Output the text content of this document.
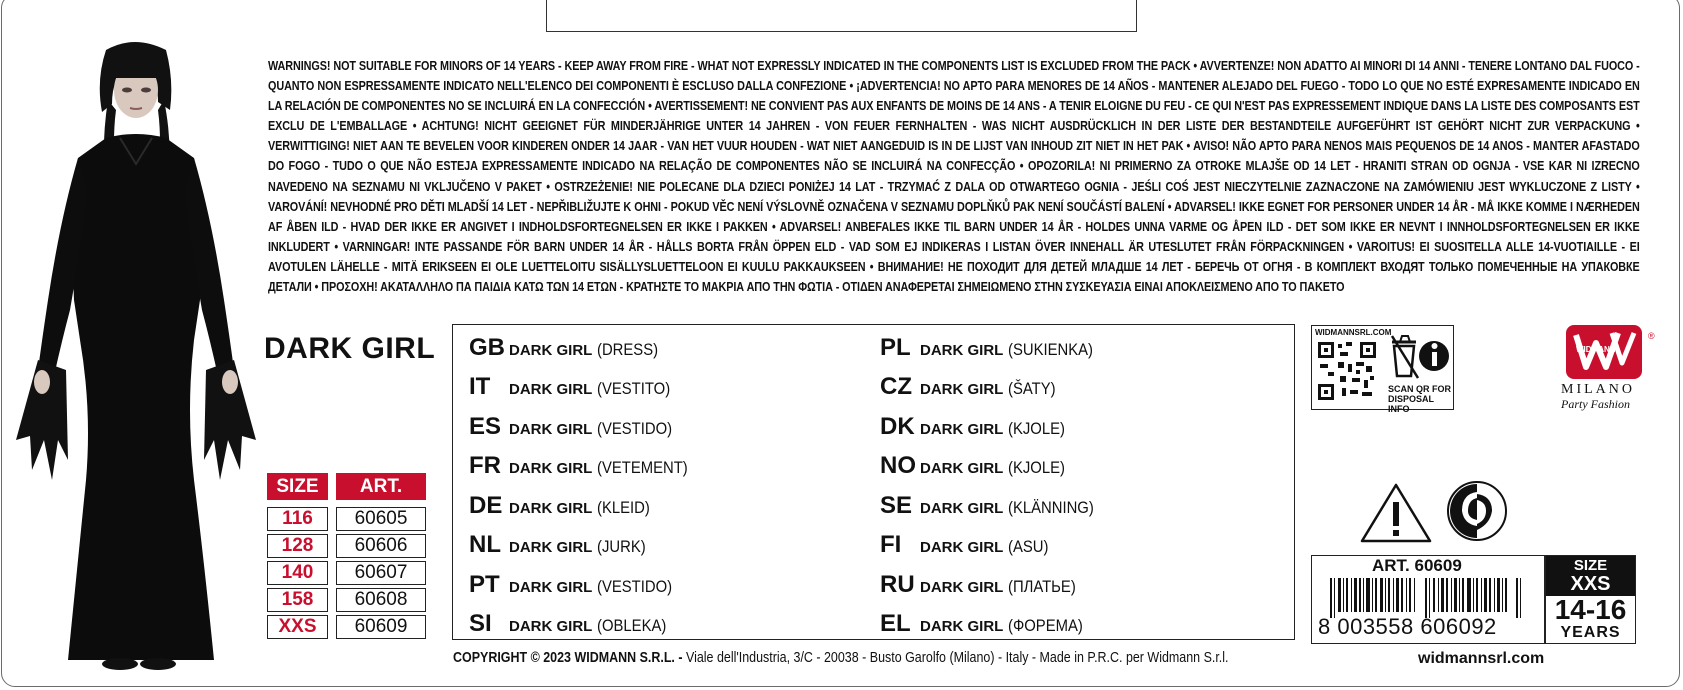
WARNINGS! NOT SUITABLE FOR MINORS OF 14 YEARS - KEEP AWAY FROM FIRE - WHAT NOT EXPRESSLY INDICATED IN THE COMPONENTS LIST IS EXCLUDED FROM THE PACK • AVVERTENZE! NON ADATTO AI MINORI DI 14 ANNI - TENERE LONTANO DAL FUOCO - QUANTO NON ESPRESSAMENTE INDICATO NELL'ELENCO DEI COMPONENTI È ESCLUSO DALLA CONFEZIONE • ¡ADVERTENCIA! NO APTO PARA MENORES DE 14 AÑOS - MANTENER ALEJADO DEL FUEGO - TODO LO QUE NO ESTÉ EXPRESAMENTE INDICADO EN LA RELACIÓN DE COMPONENTES NO SE INCLUIRÁ EN LA CONFECCIÓN • AVERTISSEMENT! NE CONVIENT PAS AUX ENFANTS DE MOINS DE 14 ANS - A TENIR ELOIGNE DU FEU - CE QUI N'EST PAS EXPRESSEMENT INDIQUE DANS LA LISTE DES COMPOSANTS EST EXCLU DE L'EMBALLAGE • ACHTUNG! NICHT GEEIGNET FÜR MINDERJÄHRIGE UNTER 14 JAHREN - VON FEUER FERNHALTEN - WAS NICHT AUSDRÜCKLICH IN DER LISTE DER BESTANDTEILE AUFGEFÜHRT IST GEHÖRT NICHT ZUR VERPACKUNG • VERWITTIGING! NIET AAN TE BEVELEN VOOR KINDEREN ONDER 14 JAAR - VAN HET VUUR HOUDEN - WAT NIET AANGEDUID IS IN DE LIJST VAN INHOUD ZIT NIET IN HET PAK • AVISO! NÃO APTO PARA NENOS MAIS PEQUENOS DE 14 ANOS - MANTER AFASTADO DO FOGO - TUDO O QUE NÃO ESTEJA EXPRESSAMENTE INDICADO NA RELAÇÃO DE COMPONENTES NÃO SE INCLUIRÁ NA CONFECÇÃO • OPOZORILA! NI PRIMERNO ZA OTROKE MLAJŠE OD 14 LET - HRANITI STRAN OD OGNJA - VSE KAR NI IZRECNO NAVEDENO NA SEZNAMU NI VKLJUČENO V PAKET • OSTRZEŻENIE! NIE POLECANE DLA DZIECI PONIŻEJ 14 LAT - TRZYMAĆ Z DALA OD OTWARTEGO OGNIA - JEŚLI COŚ JEST NIECZYTELNIE ZAZNACZONE NA ZAMÓWIENIU JEST WYKLUCZONE Z LISTY • VAROVÁNÍ! NEVHODNÉ PRO DĚTI MLADŠÍ 14 LET - NEPŘIBLIŽUJTE K OHNI - POKUD VĚC NENÍ VÝSLOVNĚ OZNAČENA V SEZNAMU DOPLŇKŮ PAK NENÍ SOUČÁSTÍ BALENÍ • ADVARSEL! IKKE EGNET FOR PERSONER UNDER 14 ÅR - MÅ IKKE KOMME I NÆRHEDEN AF ÅBEN ILD - HVAD DER IKKE ER ANGIVET I INDHOLDSFORTEGNELSEN ER IKKE I PAKKEN • ADVARSEL! ANBEFALES IKKE TIL BARN UNDER 14 ÅR - HOLDES UNNA VARME OG ÅPEN ILD - DET SOM IKKE ER NEVNT I INNHOLDSFORTEGNELSEN ER IKKE INKLUDERT • VARNINGAR! INTE PASSANDE FÖR BARN UNDER 14 ÅR - HÅLLS BORTA FRÅN ÖPPEN ELD - VAD SOM EJ INDIKERAS I LISTAN ÖVER INNEHALL ÄR UTESLUTET FRÅN FÖRPACKNINGEN • VAROITUS! EI SUOSITELLA ALLE 14-VUOTIAILLE - EI AVOTULEN LÄHELLE - MITÄ ERIKSEEN EI OLE LUETTELOITU SISÄLLYSLUETTELOON EI KUULU PAKKAUKSEEN • ВНИМАНИЕ! НЕ ПОХОДИТ ДЛЯ ДЕТЕЙ МЛАДШЕ 14 ЛЕТ - БЕРЕЧЬ ОТ ОГНЯ - В КОМПЛЕКТ ВХОДЯТ ТОЛЬКО ПОМЕЧЕННЫЕ НА УПАКОВКЕ ДЕТАЛИ • ΠΡΟΣΟΧΗ! ΑΚΑΤΑΛΛΗΛΟ ΠΑ ΠΑΙΔΙΑ ΚΑΤΩ ΤΩΝ 14 ΕΤΩΝ - ΚΡΑΤΗΣΤΕ ΤΟ ΜΑΚΡΙΑ ΑΠΟ ΤΗΝ ΦΩΤΙΑ - ΟΤΙΔΕΝ ΑΝΑΦΕΡΕΤΑΙ ΣΗΜΕΙΩΜΕΝΟ ΣΤΗΝ ΣΥΣΚΕΥΑΣΙΑ ΕΙΝΑΙ ΑΠΟΚΛΕΙΣΜΕΝΟ ΑΠΟ ΤΟ ΠΑΚΕΤΟ
DARK GIRL
SIZE	ART.
116	60605
128	60606
140	60607
158	60608
XXS	60609
GB DARK GIRL (DRESS)
IT DARK GIRL (VESTITO)
ES DARK GIRL (VESTIDO)
FR DARK GIRL (VETEMENT)
DE DARK GIRL (KLEID)
NL DARK GIRL (JURK)
PT DARK GIRL (VESTIDO)
SI DARK GIRL (OBLEKA)
PL DARK GIRL (SUKIENKA)
CZ DARK GIRL (ŠATY)
DK DARK GIRL (KJOLE)
NO DARK GIRL (KJOLE)
SE DARK GIRL (KLÄNNING)
FI DARK GIRL (ASU)
RU DARK GIRL (ПЛАТЬЕ)
EL DARK GIRL (ФОРЕМА)
COPYRIGHT © 2023 WIDMANN S.R.L. - Viale dell'Industria, 3/C - 20038 - Busto Garolfo (Milano) - Italy - Made in P.R.C. per Widmann S.r.l.
WIDMANNSRL.COM
SCAN QR FOR
DISPOSAL INFO
WIDMANN
®
MILANO
Party Fashion
ART. 60609
8 003558 606092
SIZE
XXS
14-16
YEARS
widmannsrl.com
